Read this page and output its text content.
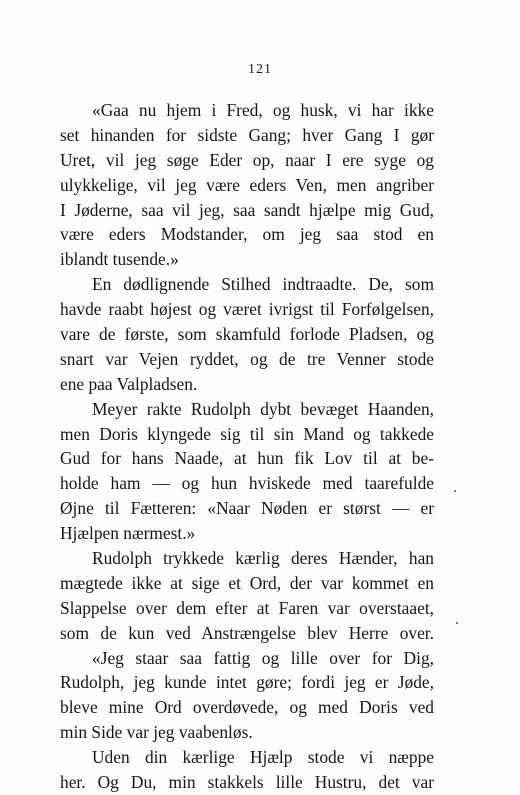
121
«Gaa nu hjem i Fred, og husk, vi har ikke
set hinanden for sidste Gang; hver Gang I gør
Uret, vil jeg søge Eder op, naar I ere syge og
ulykkelige, vil jeg være eders Ven, men angriber
I Jøderne, saa vil jeg, saa sandt hjælpe mig Gud,
være eders Modstander, om jeg saa stod en
iblandt tusende.»
En dødlignende Stilhed indtraadte. De, som
havde raabt højest og været ivrigst til Forfølgelsen,
vare de første, som skamfuld forlode Pladsen, og
snart var Vejen ryddet, og de tre Venner stode
ene paa Valpladsen.
Meyer rakte Rudolph dybt bevæget Haanden,
men Doris klyngede sig til sin Mand og takkede
Gud for hans Naade, at hun fik Lov til at be-
holde ham — og hun hviskede med taarefulde
Øjne til Fætteren: «Naar Nøden er størst — er
Hjælpen nærmest.»
Rudolph trykkede kærlig deres Hænder, han
mægtede ikke at sige et Ord, der var kommet en
Slappelse over dem efter at Faren var overstaaet,
som de kun ved Anstrængelse blev Herre over.
«Jeg staar saa fattig og lille over for Dig,
Rudolph, jeg kunde intet gøre; fordi jeg er Jøde,
bleve mine Ord overdøvede, og med Doris ved
min Side var jeg vaabenløs.
Uden din kærlige Hjælp stode vi næppe
her. Og Du, min stakkels lille Hustru, det var
